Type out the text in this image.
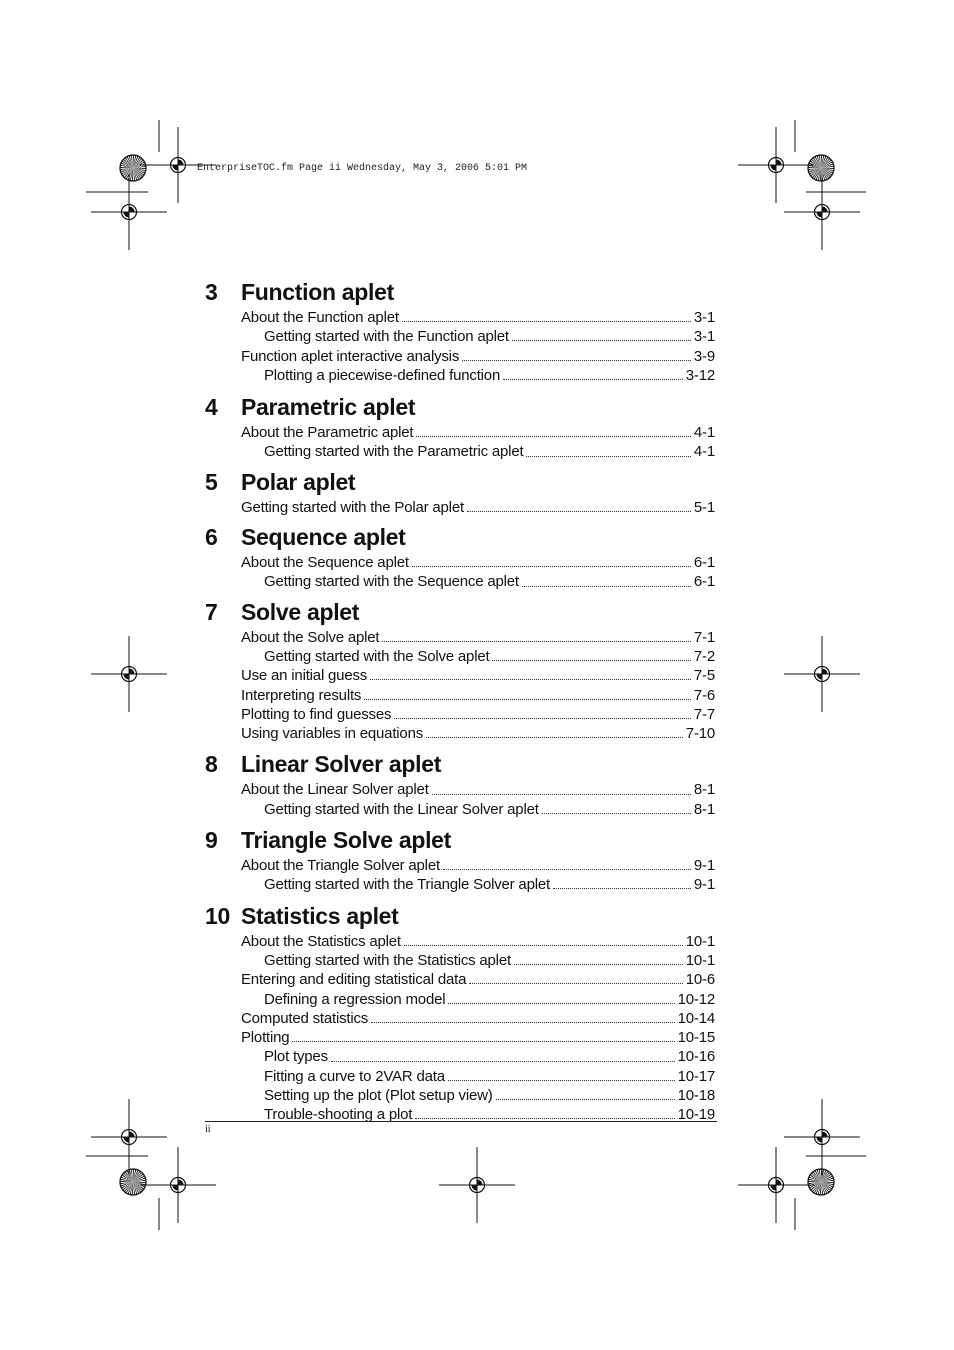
EnterpriseTOC.fm Page ii Wednesday, May 3, 2006 5:01 PM
3	Function aplet
About the Function aplet	3-1
Getting started with the Function aplet	3-1
Function aplet interactive analysis	3-9
Plotting a piecewise-defined function	3-12
4	Parametric aplet
About the Parametric aplet	4-1
Getting started with the Parametric aplet	4-1
5	Polar aplet
Getting started with the Polar aplet	5-1
6	Sequence aplet
About the Sequence aplet	6-1
Getting started with the Sequence aplet	6-1
7	Solve aplet
About the Solve aplet	7-1
Getting started with the Solve aplet	7-2
Use an initial guess	7-5
Interpreting results	7-6
Plotting to find guesses	7-7
Using variables in equations	7-10
8	Linear Solver aplet
About the Linear Solver aplet	8-1
Getting started with the Linear Solver aplet	8-1
9	Triangle Solve aplet
About the Triangle Solver aplet	9-1
Getting started with the Triangle Solver aplet	9-1
10 Statistics aplet
About the Statistics aplet	10-1
Getting started with the Statistics aplet	10-1
Entering and editing statistical data	10-6
Defining a regression model	10-12
Computed statistics	10-14
Plotting	10-15
Plot types	10-16
Fitting a curve to 2VAR data	10-17
Setting up the plot (Plot setup view)	10-18
Trouble-shooting a plot	10-19
ii
